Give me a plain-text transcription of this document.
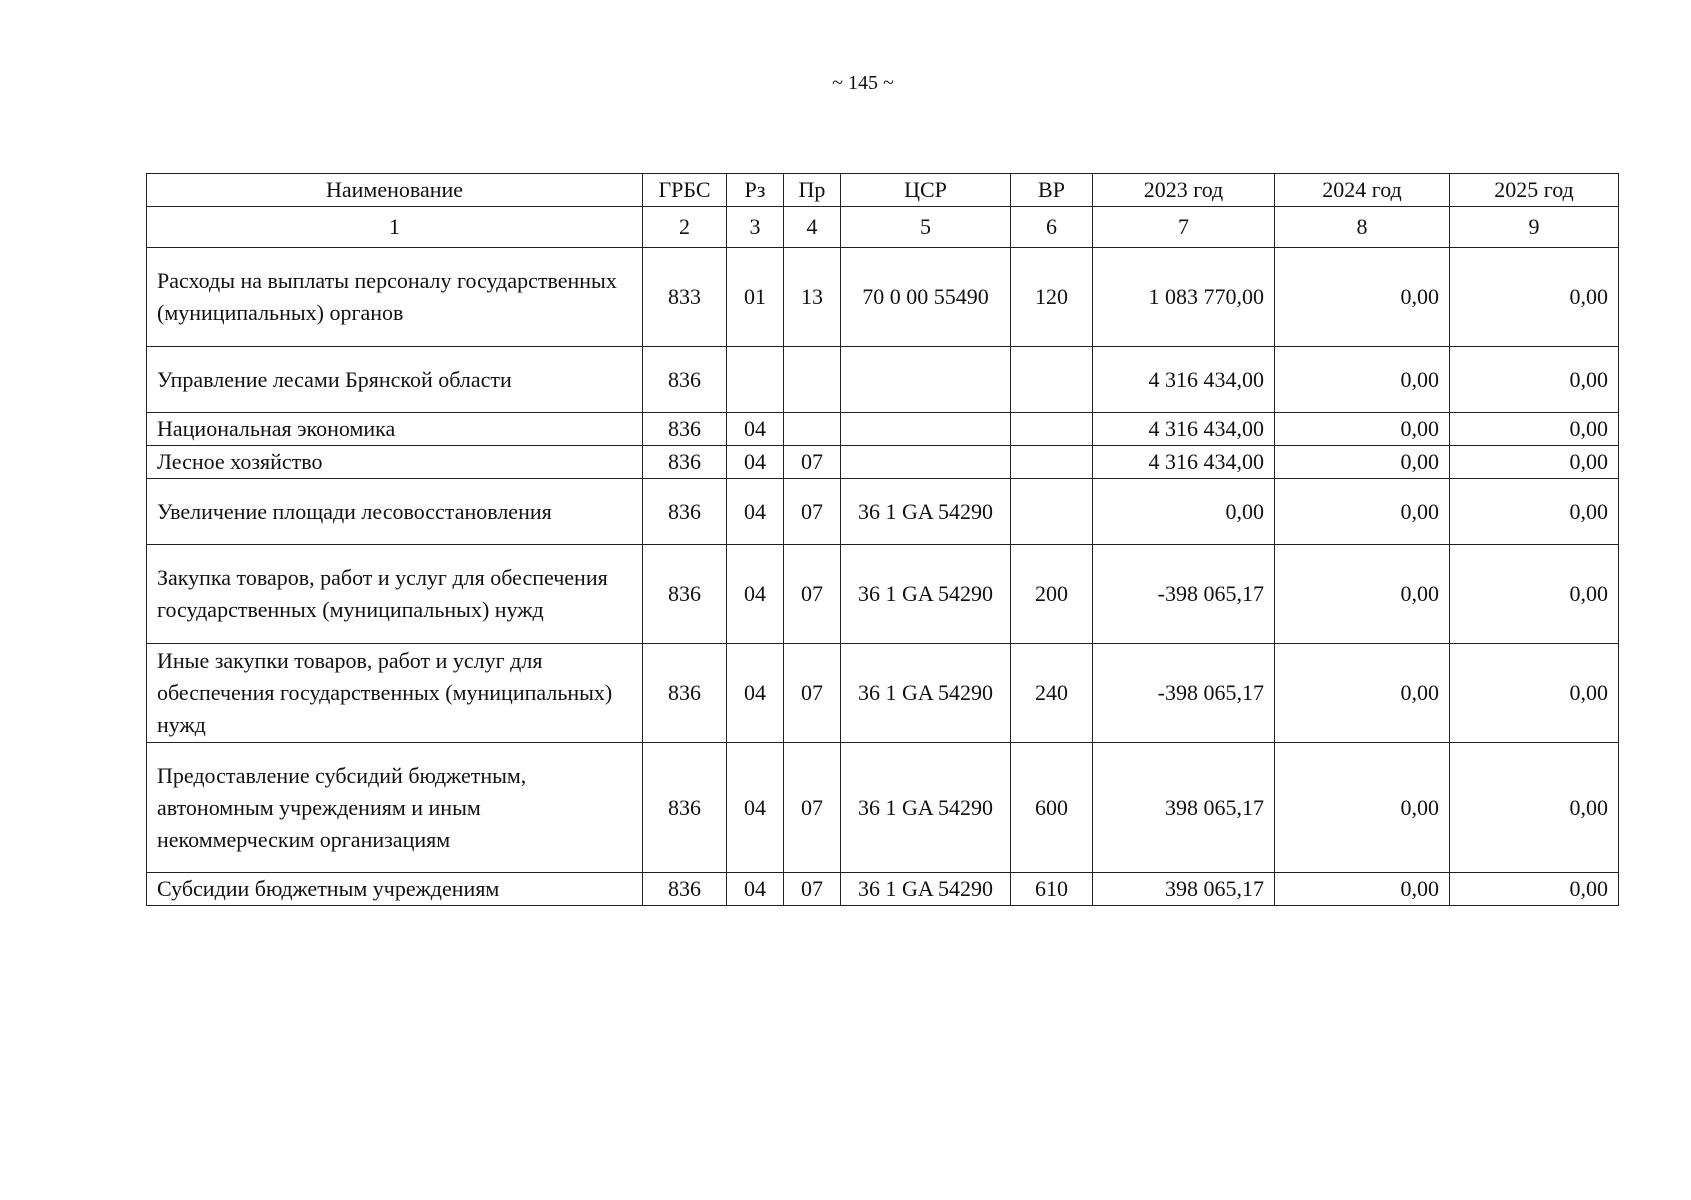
~ 145 ~
Наименование	ГРБС	Рз	Пр	ЦСР	ВР	2023 год	2024 год	2025 год
1	2	3	4	5	6	7	8	9
Расходы на выплаты персоналу государственных (муниципальных) органов	833	01	13	70 0 00 55490	120	1 083 770,00	0,00	0,00
Управление лесами Брянской области	836					4 316 434,00	0,00	0,00
Национальная экономика	836	04				4 316 434,00	0,00	0,00
Лесное хозяйство	836	04	07			4 316 434,00	0,00	0,00
Увеличение площади лесовосстановления	836	04	07	36 1 GA 54290		0,00	0,00	0,00
Закупка товаров, работ и услуг для обеспечения государственных (муниципальных) нужд	836	04	07	36 1 GA 54290	200	-398 065,17	0,00	0,00
Иные закупки товаров, работ и услуг для обеспечения государственных (муниципальных) нужд	836	04	07	36 1 GA 54290	240	-398 065,17	0,00	0,00
Предоставление субсидий бюджетным, автономным учреждениям и иным некоммерческим организациям	836	04	07	36 1 GA 54290	600	398 065,17	0,00	0,00
Субсидии бюджетным учреждениям	836	04	07	36 1 GA 54290	610	398 065,17	0,00	0,00
